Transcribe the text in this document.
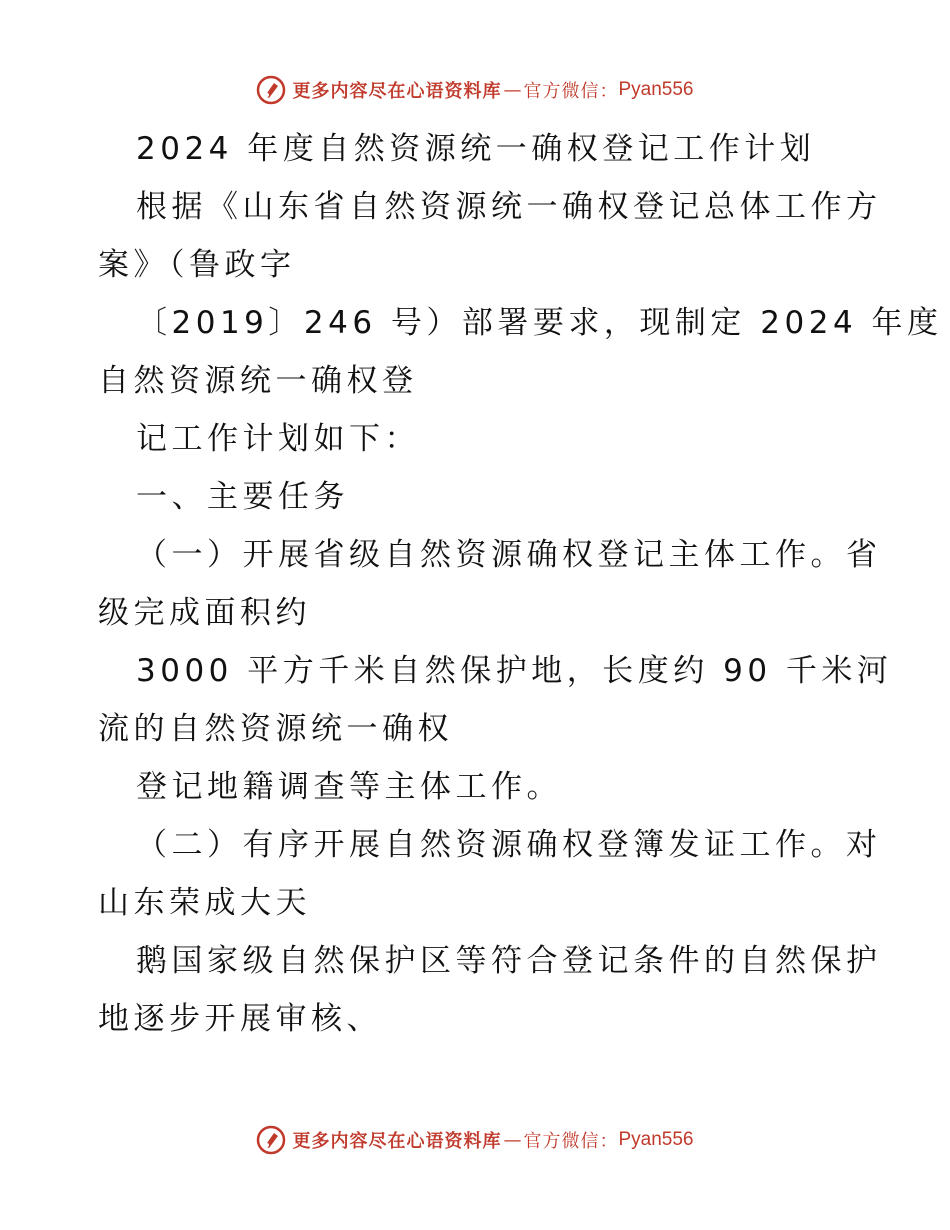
更多内容尽在心语资料库 — 官方微信： Pyan556
2024 年度自然资源统一确权登记工作计划
根据《山东省自然资源统一确权登记总体工作方
案》（鲁政字
〔2019〕246 号）部署要求，现制定 2024 年度
自然资源统一确权登
记工作计划如下：
一、主要任务
（一）开展省级自然资源确权登记主体工作。省
级完成面积约
3000 平方千米自然保护地，长度约 90 千米河
流的自然资源统一确权
登记地籍调查等主体工作。
（二）有序开展自然资源确权登簿发证工作。对
山东荣成大天
鹅国家级自然保护区等符合登记条件的自然保护
地逐步开展审核、
更多内容尽在心语资料库 — 官方微信： Pyan556
